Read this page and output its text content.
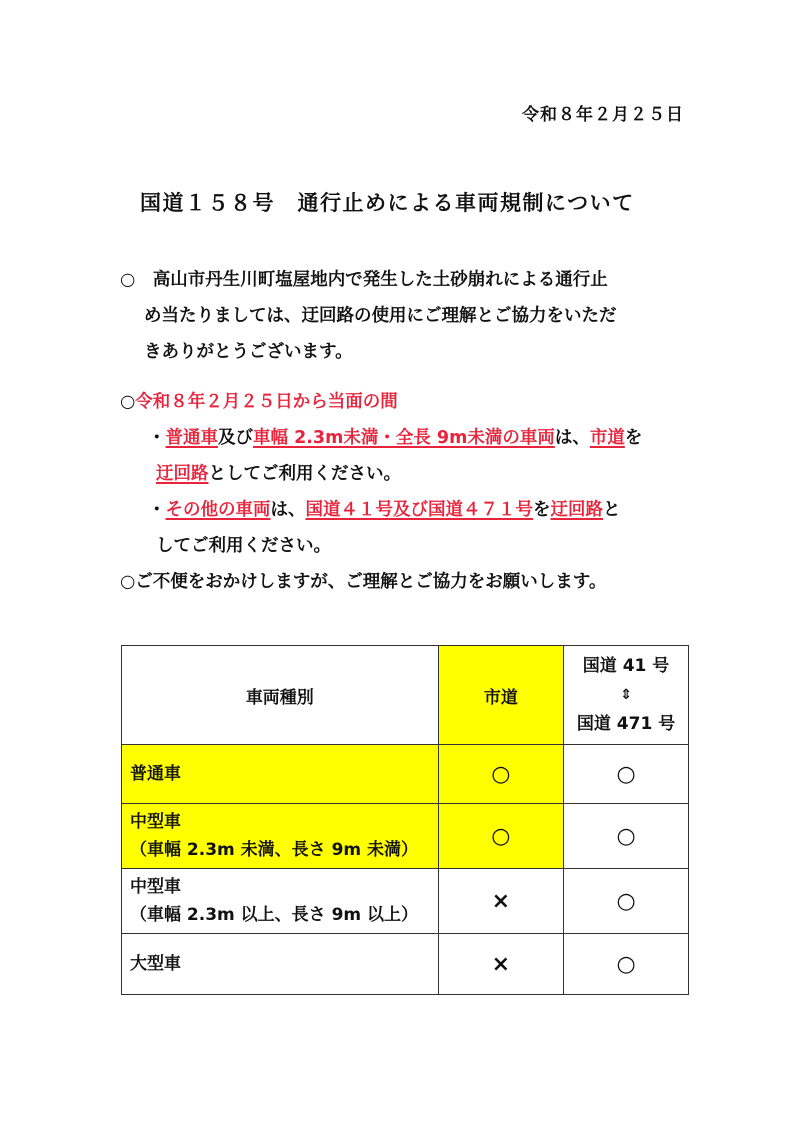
令和８年２月２５日
国道１５８号　通行止めによる車両規制について
○　 高山市丹生川町塩屋地内で発生した土砂崩れによる通行止
め当たりましては、迂回路の使用にご理解とご協力をいただ
きありがとうございます。
○令和８年２月２５日から当面の間
・普通車及び車幅 2.3m未満・全長 9m未満の車両は、市道を
迂回路としてご利用ください。
・その他の車両は、国道４１号及び国道４７１号を迂回路と
してご利用ください。
○ご不便をおかけしますが、ご理解とご協力をお願いします。
車両種別	市道	国道 41 号
⇕
国道 471 号

普通車	○	○

中型車
（車幅 2.3m 未満、長さ 9m 未満）	○	○

中型車
（車幅 2.3m 以上、長さ 9m 以上）	×	○
大型車	×	○
